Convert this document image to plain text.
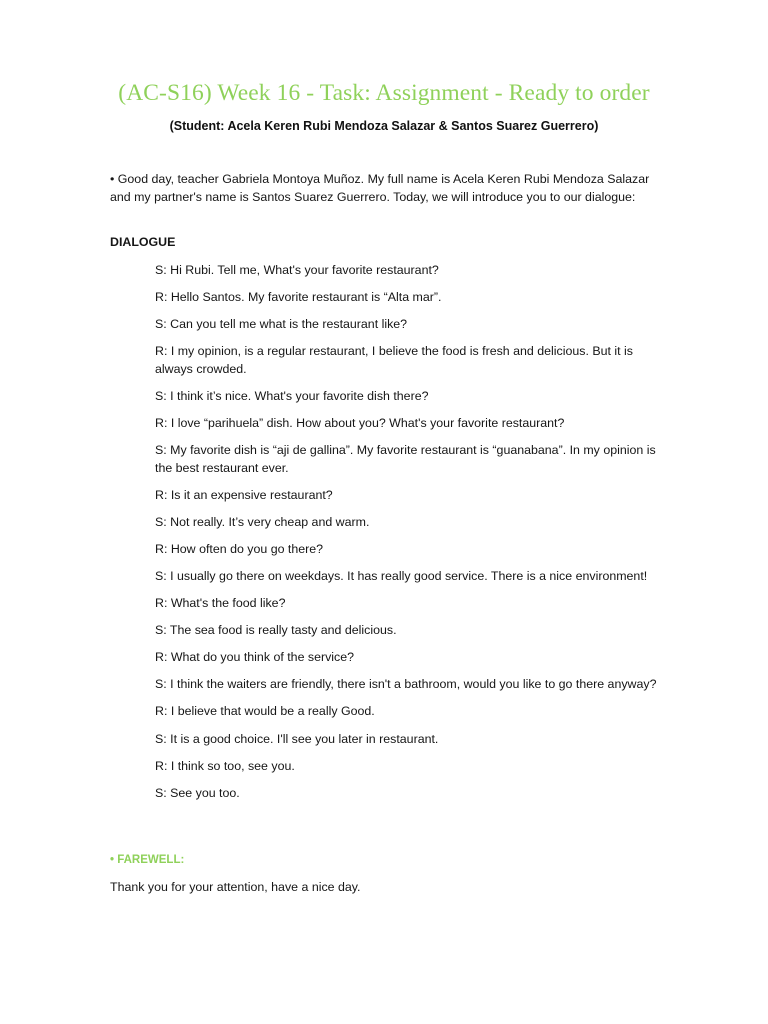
(AC-S16) Week 16 - Task: Assignment - Ready to order
(Student: Acela Keren Rubi Mendoza Salazar & Santos Suarez Guerrero)
• Good day, teacher Gabriela Montoya Muñoz. My full name is Acela Keren Rubi Mendoza Salazar and my partner's name is Santos Suarez Guerrero. Today, we will introduce you to our dialogue:
DIALOGUE
S: Hi Rubi. Tell me, What's your favorite restaurant?
R: Hello Santos. My favorite restaurant is “Alta mar”.
S: Can you tell me what is the restaurant like?
R: I my opinion, is a regular restaurant, I believe the food is fresh and delicious. But it is always crowded.
S: I think it’s nice. What's your favorite dish there?
R: I love “parihuela” dish. How about you? What's your favorite restaurant?
S: My favorite dish is “aji de gallina”. My favorite restaurant is “guanabana”. In my opinion is the best restaurant ever.
R: Is it an expensive restaurant?
S: Not really. It’s very cheap and warm.
R: How often do you go there?
S: I usually go there on weekdays. It has really good service. There is a nice environment!
R: What's the food like?
S: The sea food is really tasty and delicious.
R: What do you think of the service?
S: I think the waiters are friendly, there isn't a bathroom, would you like to go there anyway?
R: I believe that would be a really Good.
S: It is a good choice. I'll see you later in restaurant.
R: I think so too, see you.
S: See you too.
• FAREWELL:
Thank you for your attention, have a nice day.
